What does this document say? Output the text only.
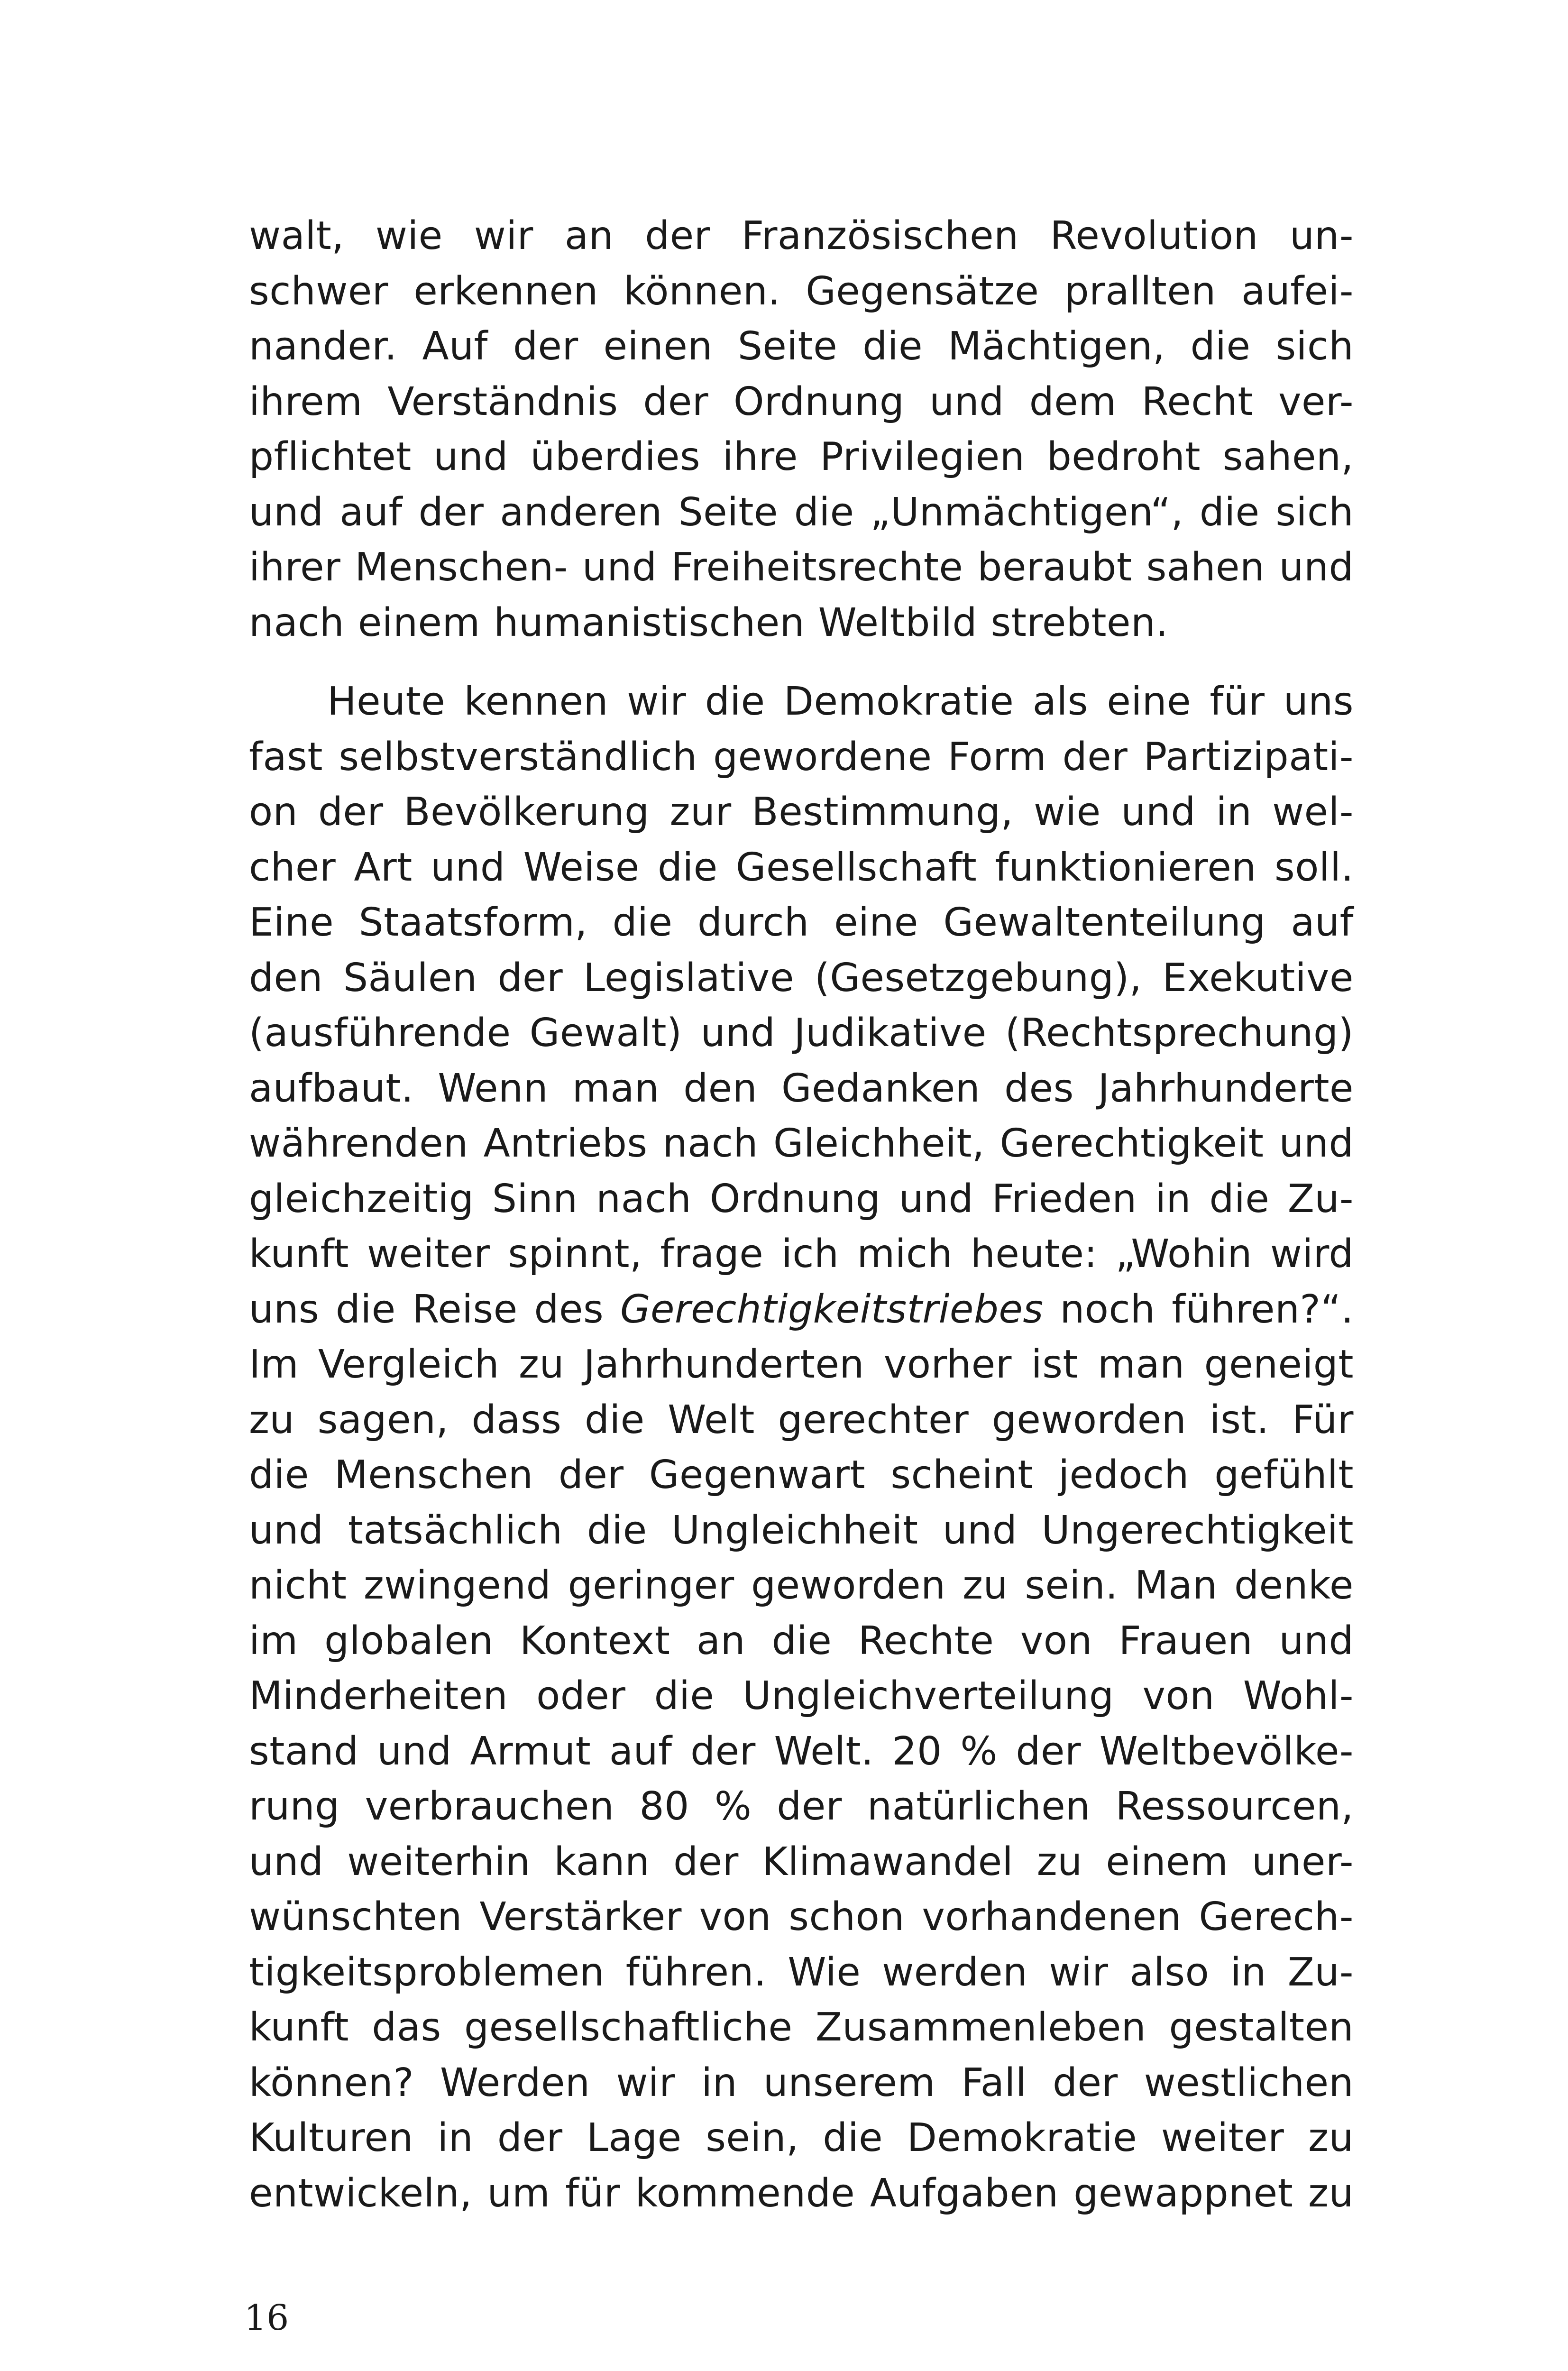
walt, wie wir an der Französischen Revolution un-
schwer erkennen können. Gegensätze prallten aufei-
nander. Auf der einen Seite die Mächtigen, die sich
ihrem Verständnis der Ordnung und dem Recht ver-
pflichtet und überdies ihre Privilegien bedroht sahen,
und auf der anderen Seite die „Unmächtigen“, die sich
ihrer Menschen- und Freiheitsrechte beraubt sahen und
nach einem humanistischen Weltbild strebten.
Heute kennen wir die Demokratie als eine für uns
fast selbstverständlich gewordene Form der Partizipati-
on der Bevölkerung zur Bestimmung, wie und in wel-
cher Art und Weise die Gesellschaft funktionieren soll.
Eine Staatsform, die durch eine Gewaltenteilung auf
den Säulen der Legislative (Gesetzgebung), Exekutive
(ausführende Gewalt) und Judikative (Rechtsprechung)
aufbaut. Wenn man den Gedanken des Jahrhunderte
währenden Antriebs nach Gleichheit, Gerechtigkeit und
gleichzeitig Sinn nach Ordnung und Frieden in die Zu-
kunft weiter spinnt, frage ich mich heute: „Wohin wird
uns die Reise des Gerechtigkeitstriebes noch führen?“.
Im Vergleich zu Jahrhunderten vorher ist man geneigt
zu sagen, dass die Welt gerechter geworden ist. Für
die Menschen der Gegenwart scheint jedoch gefühlt
und tatsächlich die Ungleichheit und Ungerechtigkeit
nicht zwingend geringer geworden zu sein. Man denke
im globalen Kontext an die Rechte von Frauen und
Minderheiten oder die Ungleichverteilung von Wohl-
stand und Armut auf der Welt. 20 % der Weltbevölke-
rung verbrauchen 80 % der natürlichen Ressourcen,
und weiterhin kann der Klimawandel zu einem uner-
wünschten Verstärker von schon vorhandenen Gerech-
tigkeitsproblemen führen. Wie werden wir also in Zu-
kunft das gesellschaftliche Zusammenleben gestalten
können? Werden wir in unserem Fall der westlichen
Kulturen in der Lage sein, die Demokratie weiter zu
entwickeln, um für kommende Aufgaben gewappnet zu
16
